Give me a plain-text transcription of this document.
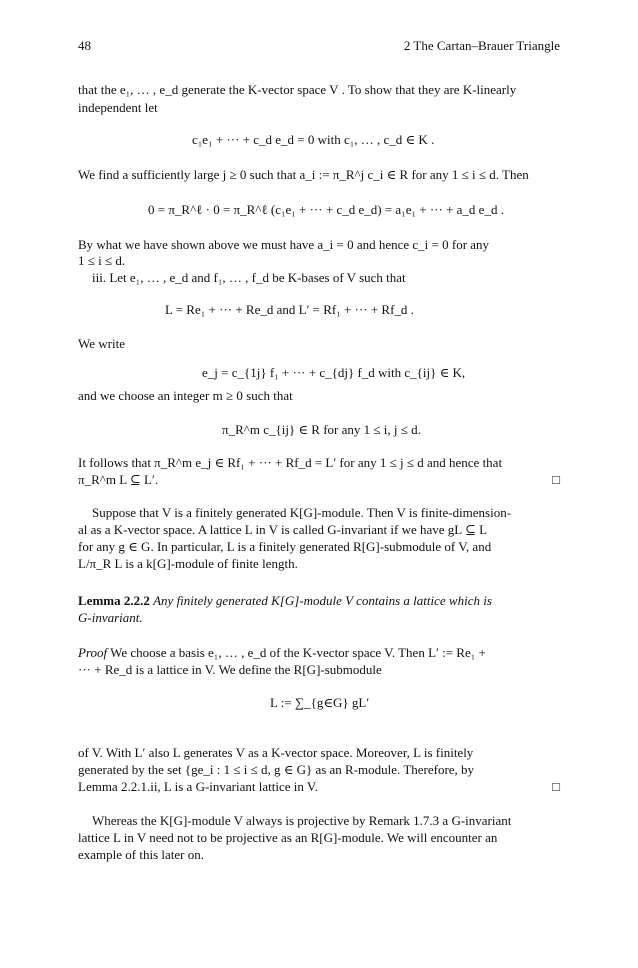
48	2 The Cartan–Brauer Triangle
that the e₁, … , e_d generate the K-vector space V . To show that they are K-linearly
independent let
c₁e₁ + ··· + c_d e_d = 0 with c₁, … , c_d ∈ K .
We find a sufficiently large j ≥ 0 such that a_i := π_R^j c_i ∈ R for any 1 ≤ i ≤ d. Then
0 = π_R^ℓ · 0 = π_R^ℓ (c₁e₁ + ··· + c_d e_d) = a₁e₁ + ··· + a_d e_d .
By what we have shown above we must have a_i = 0 and hence c_i = 0 for any
1 ≤ i ≤ d.
iii. Let e₁, … , e_d and f₁, … , f_d be K-bases of V such that
L = Re₁ + ··· + Re_d and L′ = Rf₁ + ··· + Rf_d .
We write
e_j = c_{1j} f₁ + ··· + c_{dj} f_d with c_{ij} ∈ K,
and we choose an integer m ≥ 0 such that
π_R^m c_{ij} ∈ R for any 1 ≤ i, j ≤ d.
It follows that π_R^m e_j ∈ Rf₁ + ··· + Rf_d = L′ for any 1 ≤ j ≤ d and hence that
π_R^m L ⊆ L′.	□
Suppose that V is a finitely generated K[G]-module. Then V is finite-dimension-
al as a K-vector space. A lattice L in V is called G-invariant if we have gL ⊆ L
for any g ∈ G. In particular, L is a finitely generated R[G]-submodule of V, and
L/π_R L is a k[G]-module of finite length.
Lemma 2.2.2 Any finitely generated K[G]-module V contains a lattice which is
G-invariant.
Proof We choose a basis e₁, … , e_d of the K-vector space V. Then L′ := Re₁ +
··· + Re_d is a lattice in V. We define the R[G]-submodule
L := ∑_{g∈G} gL′
of V. With L′ also L generates V as a K-vector space. Moreover, L is finitely
generated by the set {ge_i : 1 ≤ i ≤ d, g ∈ G} as an R-module. Therefore, by
Lemma 2.2.1.ii, L is a G-invariant lattice in V.	□
Whereas the K[G]-module V always is projective by Remark 1.7.3 a G-invariant
lattice L in V need not to be projective as an R[G]-module. We will encounter an
example of this later on.
